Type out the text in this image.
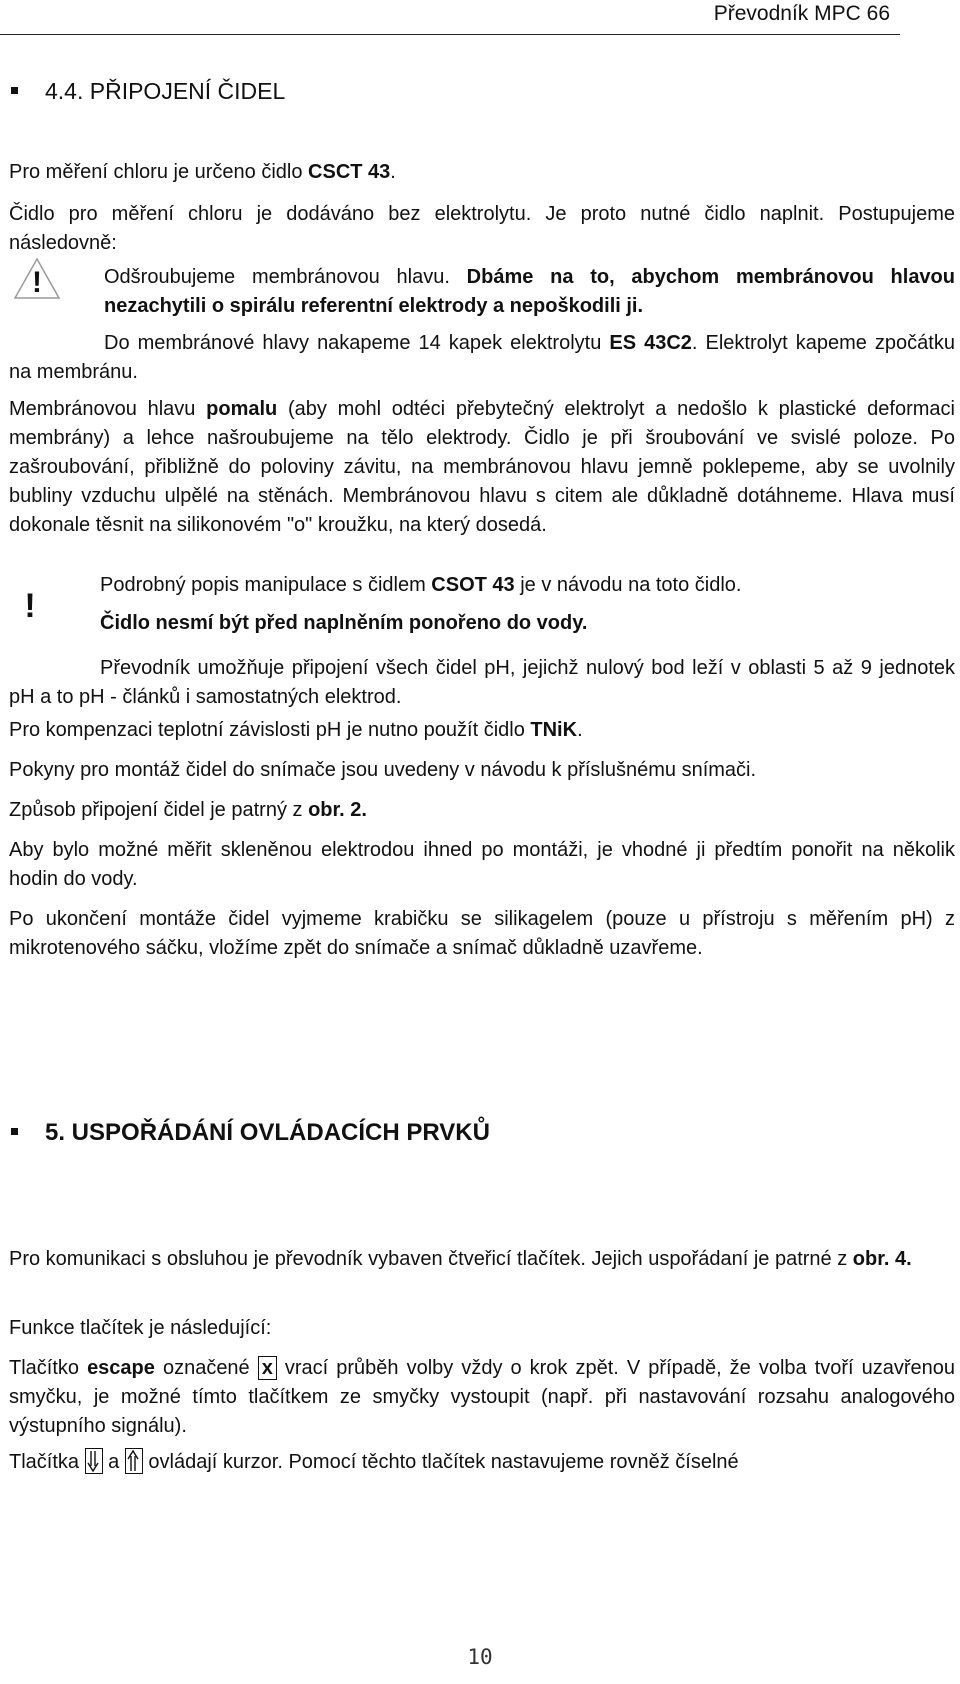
Převodník MPC 66
4.4. PŘIPOJENÍ ČIDEL
Pro měření chloru je určeno čidlo CSCT 43.
Čidlo pro měření chloru je dodáváno bez elektrolytu. Je proto nutné čidlo naplnit. Postupujeme následovně:
!	Odšroubujeme membránovou hlavu. Dbáme na to, abychom membránovou hlavou nezachytili o spirálu referentní elektrody a nepoškodili ji.
Do membránové hlavy nakapeme 14 kapek elektrolytu ES 43C2. Elektrolyt kapeme zpočátku na membránu.
Membránovou hlavu pomalu (aby mohl odtéci přebytečný elektrolyt a nedošlo k plastické deformaci membrány) a lehce našroubujeme na tělo elektrody. Čidlo je při šroubování ve svislé poloze. Po zašroubování, přibližně do poloviny závitu, na membránovou hlavu jemně poklepeme, aby se uvolnily bubliny vzduchu ulpělé na stěnách. Membránovou hlavu s citem ale důkladně dotáhneme. Hlava musí dokonale těsnit na silikonovém "o" kroužku, na který dosedá.
!
Podrobný popis manipulace s čidlem CSOT 43 je v návodu na toto čidlo.
Čidlo nesmí být před naplněním ponořeno do vody.
Převodník umožňuje připojení všech čidel pH, jejichž nulový bod leží v oblasti 5 až 9 jednotek pH a to pH - článků i samostatných elektrod.
Pro kompenzaci teplotní závislosti pH je nutno použít čidlo TNiK.
Pokyny pro montáž čidel do snímače jsou uvedeny v návodu k příslušnému snímači.
Způsob připojení čidel je patrný z obr. 2.
Aby bylo možné měřit skleněnou elektrodou ihned po montáži, je vhodné ji předtím ponořit na několik hodin do vody.
Po ukončení montáže čidel vyjmeme krabičku se silikagelem (pouze u přístroju s měřením pH) z mikrotenového sáčku, vložíme zpět do snímače a snímač důkladně uzavřeme.
5. USPOŘÁDÁNÍ OVLÁDACÍCH PRVKŮ
Pro komunikaci s obsluhou je převodník vybaven čtveřicí tlačítek. Jejich uspořádaní je patrné z obr. 4.
Funkce tlačítek je následující:
Tlačítko escape označené x vrací průběh volby vždy o krok zpět. V případě, že volba tvoří uzavřenou smyčku, je možné tímto tlačítkem ze smyčky vystoupit (např. při nastavování rozsahu analogového výstupního signálu).
Tlačítka
a
ovládají kurzor. Pomocí těchto tlačítek nastavujeme rovněž číselné
10
